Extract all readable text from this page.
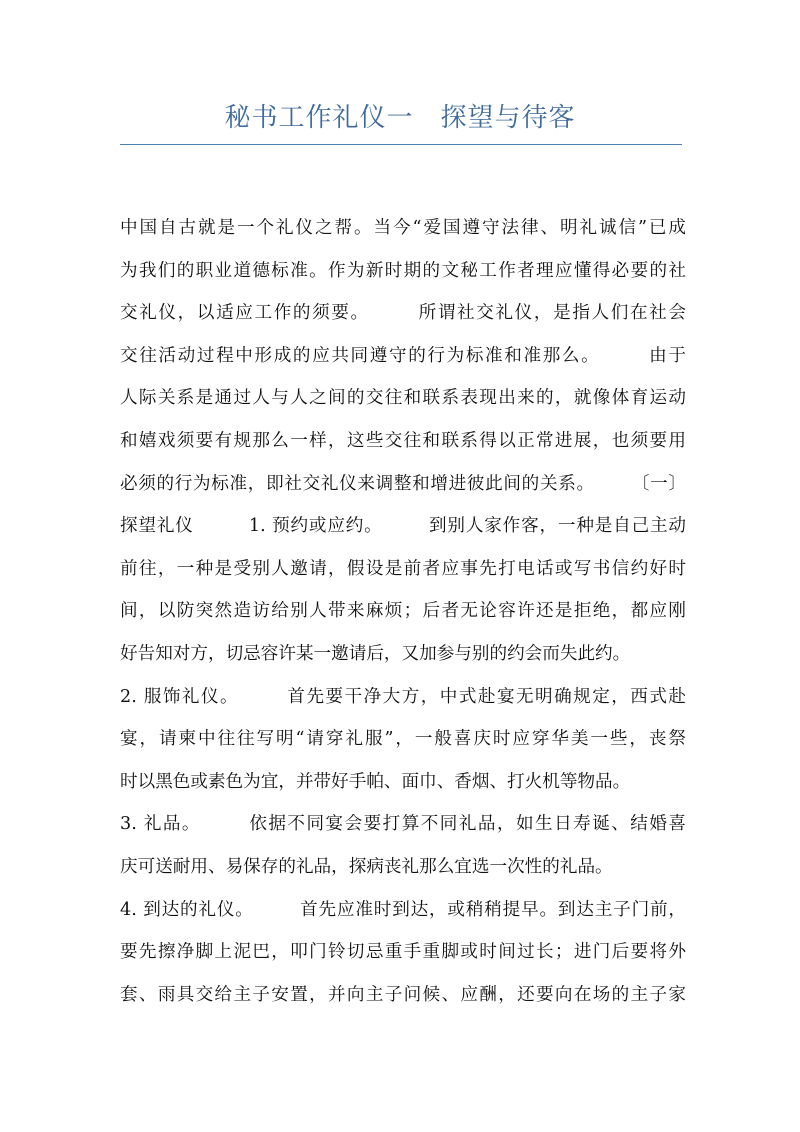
秘书工作礼仪一　探望与待客
中国自古就是一个礼仪之帮。当今“爱国遵守法律、明礼诚信”已成
为我们的职业道德标准。作为新时期的文秘工作者理应懂得必要的社
交礼仪，以适应工作的须要。　　　所谓社交礼仪，是指人们在社会
交往活动过程中形成的应共同遵守的行为标准和准那么。　　　由于
人际关系是通过人与人之间的交往和联系表现出来的，就像体育运动
和嬉戏须要有规那么一样，这些交往和联系得以正常进展，也须要用
必须的行为标准，即社交礼仪来调整和增进彼此间的关系。　　　〔一〕
探望礼仪　　　1. 预约或应约。　　　到别人家作客，一种是自己主动
前往，一种是受别人邀请，假设是前者应事先打电话或写书信约好时
间，以防突然造访给别人带来麻烦；后者无论容许还是拒绝，都应刚
好告知对方，切忌容许某一邀请后，又加参与别的约会而失此约。
2. 服饰礼仪。　　　首先要干净大方，中式赴宴无明确规定，西式赴
宴，请柬中往往写明“请穿礼服”，一般喜庆时应穿华美一些，丧祭
时以黑色或素色为宜，并带好手帕、面巾、香烟、打火机等物品。
3. 礼品。　　　依据不同宴会要打算不同礼品，如生日寿诞、结婚喜
庆可送耐用、易保存的礼品，探病丧礼那么宜选一次性的礼品。
4. 到达的礼仪。　　　首先应准时到达，或稍稍提早。到达主子门前，
要先擦净脚上泥巴，叩门铃切忌重手重脚或时间过长；进门后要将外
套、雨具交给主子安置，并向主子问候、应酬，还要向在场的主子家
